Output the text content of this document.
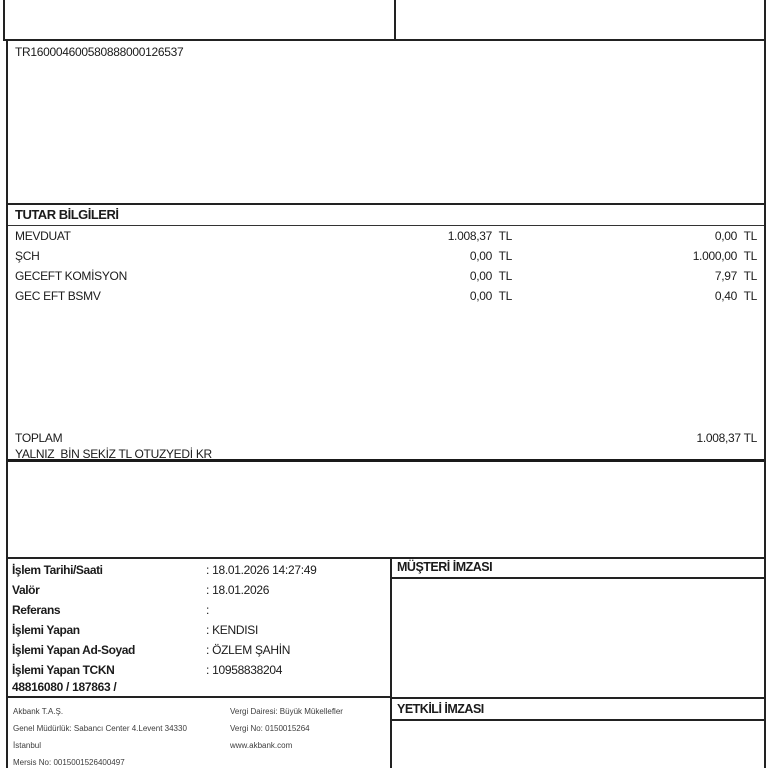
TR160004600580888000126537
TUTAR BİLGİLERİ
MEVDUAT	1.008,37 TL	0,00 TL
ŞCH	0,00 TL	1.000,00 TL
GECEFT KOMİSYON	0,00 TL	7,97 TL
GEC EFT BSMV	0,00 TL	0,40 TL
TOPLAM	1.008,37 TL
YALNIZ  BİN SEKİZ TL OTUZYEDİ KR
İşlem Tarihi/Saati	: 18.01.2026 14:27:49
Valör	: 18.01.2026
Referans	:
İşlemi Yapan	: KENDISI
İşlemi Yapan Ad-Soyad	: ÖZLEM ŞAHİN
İşlemi Yapan TCKN	: 10958838204
48816080 / 187863 /
Akbank T.A.Ş.
Genel Müdürlük: Sabancı Center 4.Levent 34330
İstanbul
Mersis No: 0015001526400497
Vergi Dairesi: Büyük Mükellefler
Vergi No: 0150015264
www.akbank.com
MÜŞTERİ İMZASI
YETKİLİ İMZASI
